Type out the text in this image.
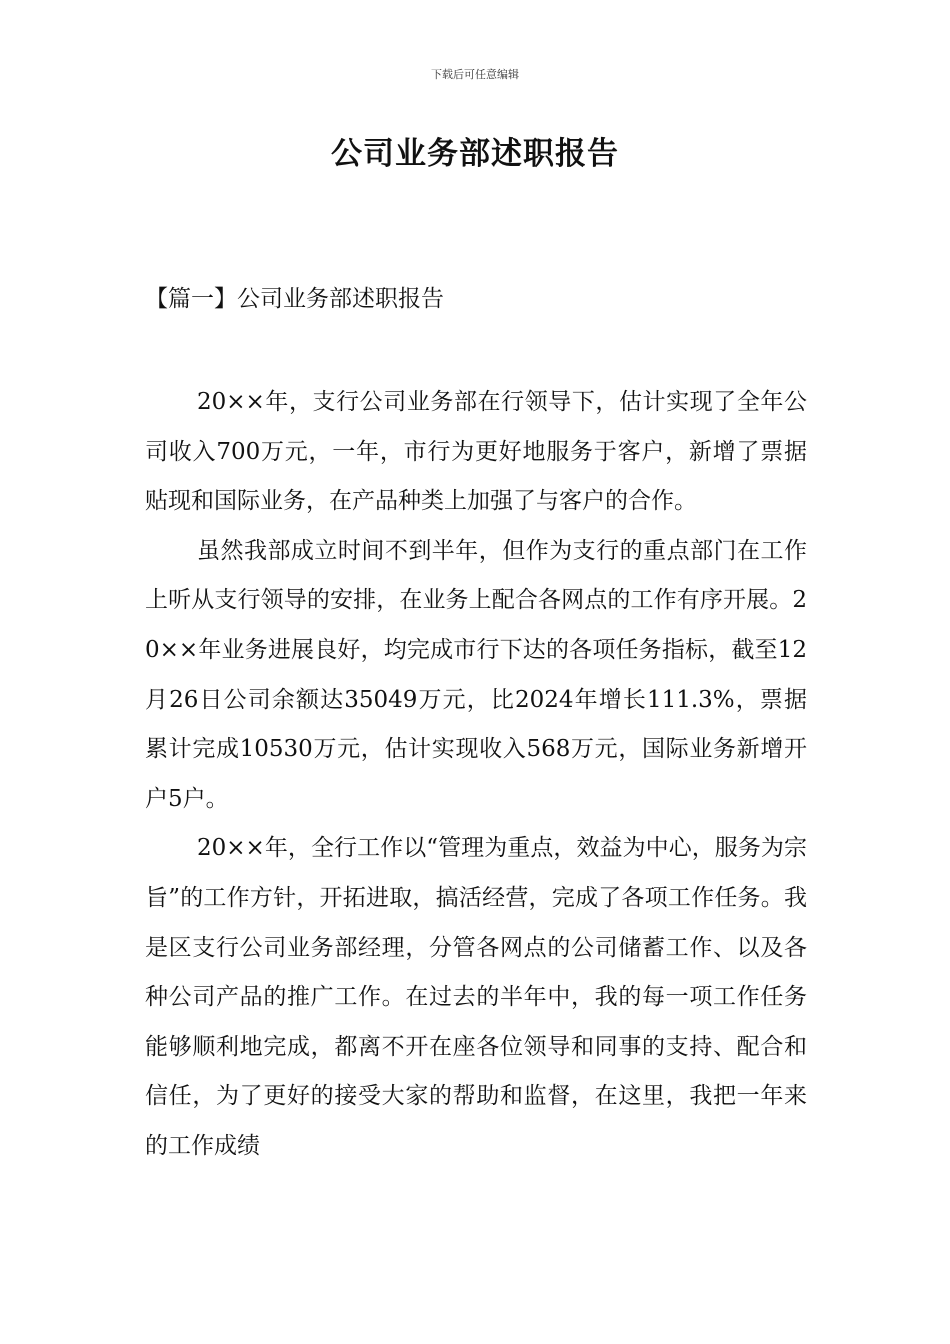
下载后可任意编辑
公司业务部述职报告
【篇一】公司业务部述职报告

20××年，支行公司业务部在行领导下，估计实现了全年公司收入700万元，一年，市行为更好地服务于客户，新增了票据贴现和国际业务，在产品种类上加强了与客户的合作。

虽然我部成立时间不到半年，但作为支行的重点部门在工作上听从支行领导的安排，在业务上配合各网点的工作有序开展。20××年业务进展良好，均完成市行下达的各项任务指标，截至12月26日公司余额达35049万元，比2024年增长111.3%，票据累计完成10530万元，估计实现收入568万元，国际业务新增开户5户。

20××年，全行工作以“管理为重点，效益为中心，服务为宗旨”的工作方针，开拓进取，搞活经营，完成了各项工作任务。我是区支行公司业务部经理，分管各网点的公司储蓄工作、以及各种公司产品的推广工作。在过去的半年中，我的每一项工作任务能够顺利地完成，都离不开在座各位领导和同事的支持、配合和信任，为了更好的接受大家的帮助和监督，在这里，我把一年来的工作成绩
